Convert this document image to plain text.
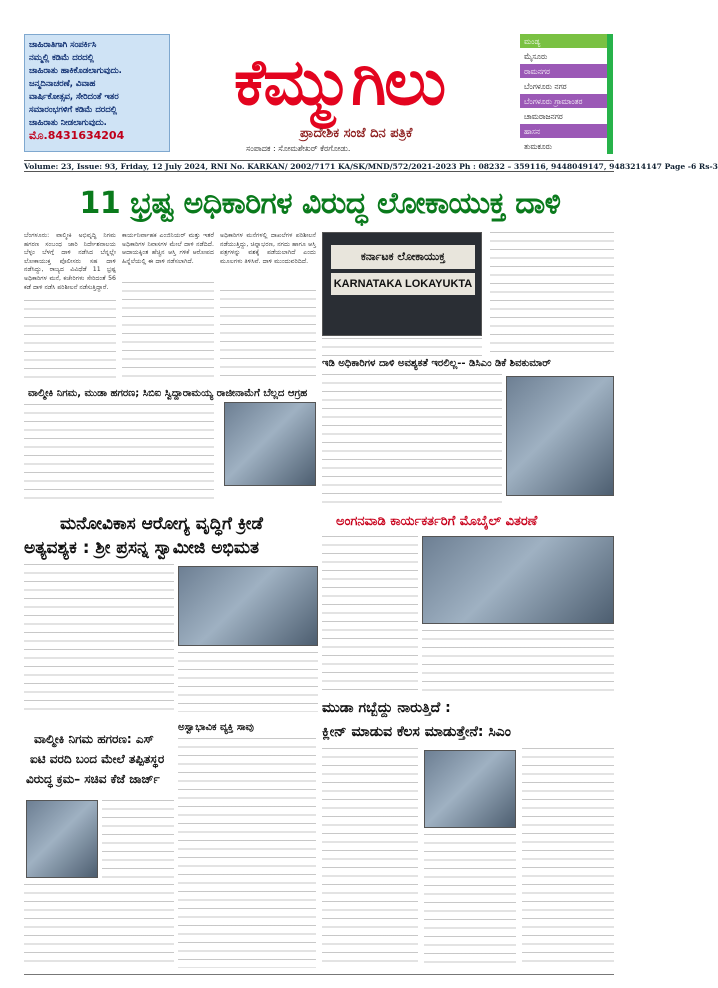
ಜಾಹಿರಾತಿಗಾಗಿ ಸಂಪರ್ಕಿಸಿ
ನಮ್ಮಲ್ಲಿ ಕಡಿಮೆ ದರದಲ್ಲಿ
ಜಾಹಿರಾತು ಹಾಕಿಕೊಡಲಾಗುವುದು.
ಜನ್ಮದಿನಾಚರಣೆ, ವಿವಾಹ
ವಾರ್ಷಿಕೋತ್ಸವ, ಸೇರಿದಂತೆ ಇತರ
ಸಮಾರಂಭಗಳಿಗೆ ಕಡಿಮೆ ದರದಲ್ಲಿ
ಜಾಹಿರಾತು ನೀಡಲಾಗುವುದು.
ಮೊ.8431634204
ಕೆಮ್ಮುಗಿಲು
ಪ್ರಾದೇಶಿಕ ಸಂಜೆ ದಿನ ಪತ್ರಿಕೆ
ಸಂಪಾದಕ : ಸೋಮಶೇಖರ್ ಕೆರಗೋಡು.
ಮಂಡ್ಯ
ಮೈಸೂರು
ರಾಮನಗರ
ಬೆಂಗಳೂರು ನಗರ
ಬೆಂಗಳೂರು ಗ್ರಾಮಾಂತರ
ಚಾಮರಾಜನಗರ
ಹಾಸನ
ತುಮಕೂರು
Volume: 23, Issue: 93, Friday, 12 July 2024, RNI No. KARKAN/ 2002/7171 KA/SK/MND/572/2021-2023 Ph : 08232 – 359116, 9448049147, 9483214147 Page -6 Rs-3
11 ಭ್ರಷ್ಟ ಅಧಿಕಾರಿಗಳ ವಿರುದ್ಧ ಲೋಕಾಯುಕ್ತ ದಾಳಿ

ಬೆಂಗಳೂರು: ವಾಲ್ಮೀಕಿ ಅಭಿವೃದ್ಧಿ ನಿಗಮ ಹಗರಣ ಸಂಬಂಧ ಜಾರಿ ನಿರ್ದೇಶನಾಲಯ ಬೆಳ್ಳಂ ಬೆಳಗ್ಗೆ ದಾಳಿ ನಡೆಸಿದ ಬೆನ್ನಲ್ಲೇ ಲೋಕಾಯುಕ್ತ ಪೊಲೀಸರು ಸಹ ದಾಳಿ ನಡೆಸಿದ್ದು, ರಾಜ್ಯದ ವಿವಿಧೆಡೆ 11 ಭ್ರಷ್ಟ ಅಧಿಕಾರಿಗಳ ಮನೆ, ಕಚೇರಿಗಳು ಸೇರಿದಂತೆ 56 ಕಡೆ ದಾಳಿ ನಡೆಸಿ ಪರಿಶೀಲನೆ ನಡೆಸುತ್ತಿದ್ದಾರೆ.

ಕಾರ್ಯನಿರ್ವಾಹಕ ಎಂಜಿನಿಯರ್ ಮತ್ತು ಇತರೆ ಅಧಿಕಾರಿಗಳ ನಿವಾಸಗಳ ಮೇಲೆ ದಾಳಿ ನಡೆದಿದೆ. ಆದಾಯಕ್ಕಿಂತ ಹೆಚ್ಚಿನ ಆಸ್ತಿ ಗಳಿಕೆ ಆರೋಪದ ಹಿನ್ನೆಲೆಯಲ್ಲಿ ಈ ದಾಳಿ ನಡೆಸಲಾಗಿದೆ.

ಅಧಿಕಾರಿಗಳ ಮನೆಗಳಲ್ಲಿ ದಾಖಲೆಗಳ ಪರಿಶೀಲನೆ ನಡೆಯುತ್ತಿದ್ದು, ಚಿನ್ನಾಭರಣ, ನಗದು ಹಾಗೂ ಆಸ್ತಿ ಪತ್ರಗಳನ್ನು ವಶಕ್ಕೆ ಪಡೆಯಲಾಗಿದೆ ಎಂದು ಮೂಲಗಳು ತಿಳಿಸಿವೆ. ದಾಳಿ ಮುಂದುವರಿದಿದೆ.	ಕರ್ನಾಟಕ ಲೋಕಾಯುಕ್ತ
KARNATAKA LOKAYUKTA
ವಾಲ್ಮೀಕಿ ನಿಗಮ, ಮುಡಾ ಹಗರಣ; ಸಿಬಿಐ ಸ್ವಿದ್ದಾರಾಮಯ್ಯ ರಾಜೀನಾಮೆಗೆ ಬೆಲ್ಲದ ಆಗ್ರಹ
ಇಡಿ ಅಧಿಕಾರಿಗಳ ದಾಳಿ ಅವಶ್ಯಕತೆ ಇರಲಿಲ್ಲ-- ಡಿಸಿಎಂ ಡಿಕೆ ಶಿವಕುಮಾರ್
ಮನೋವಿಕಾಸ ಆರೋಗ್ಯ ವೃದ್ಧಿಗೆ ಕ್ರೀಡೆ
ಅತ್ಯವಶ್ಯಕ : ಶ್ರೀ ಪ್ರಸನ್ನ ಸ್ವಾಮೀಜಿ ಅಭಿಮತ
ಅಂಗನವಾಡಿ ಕಾರ್ಯಕರ್ತರಿಗೆ ಮೊಬೈಲ್ ವಿತರಣೆ
ಮುಡಾ ಗಬ್ಬೆದ್ದು ನಾರುತ್ತಿದೆ :
ಕ್ಲೀನ್ ಮಾಡುವ ಕೆಲಸ ಮಾಡುತ್ತೇನೆ: ಸಿಎಂ
ಅಸ್ವಾಭಾವಿಕ ವ್ಯಕ್ತಿ ಸಾವು
ವಾಲ್ಮೀಕಿ ನಿಗಮ ಹಗರಣ: ಎಸ್
ಐಟಿ ವರದಿ ಬಂದ ಮೇಲೆ ತಪ್ಪಿತಸ್ಥರ
ವಿರುದ್ಧ ಕ್ರಮ– ಸಚಿವ ಕೆಜೆ ಜಾರ್ಜ್
